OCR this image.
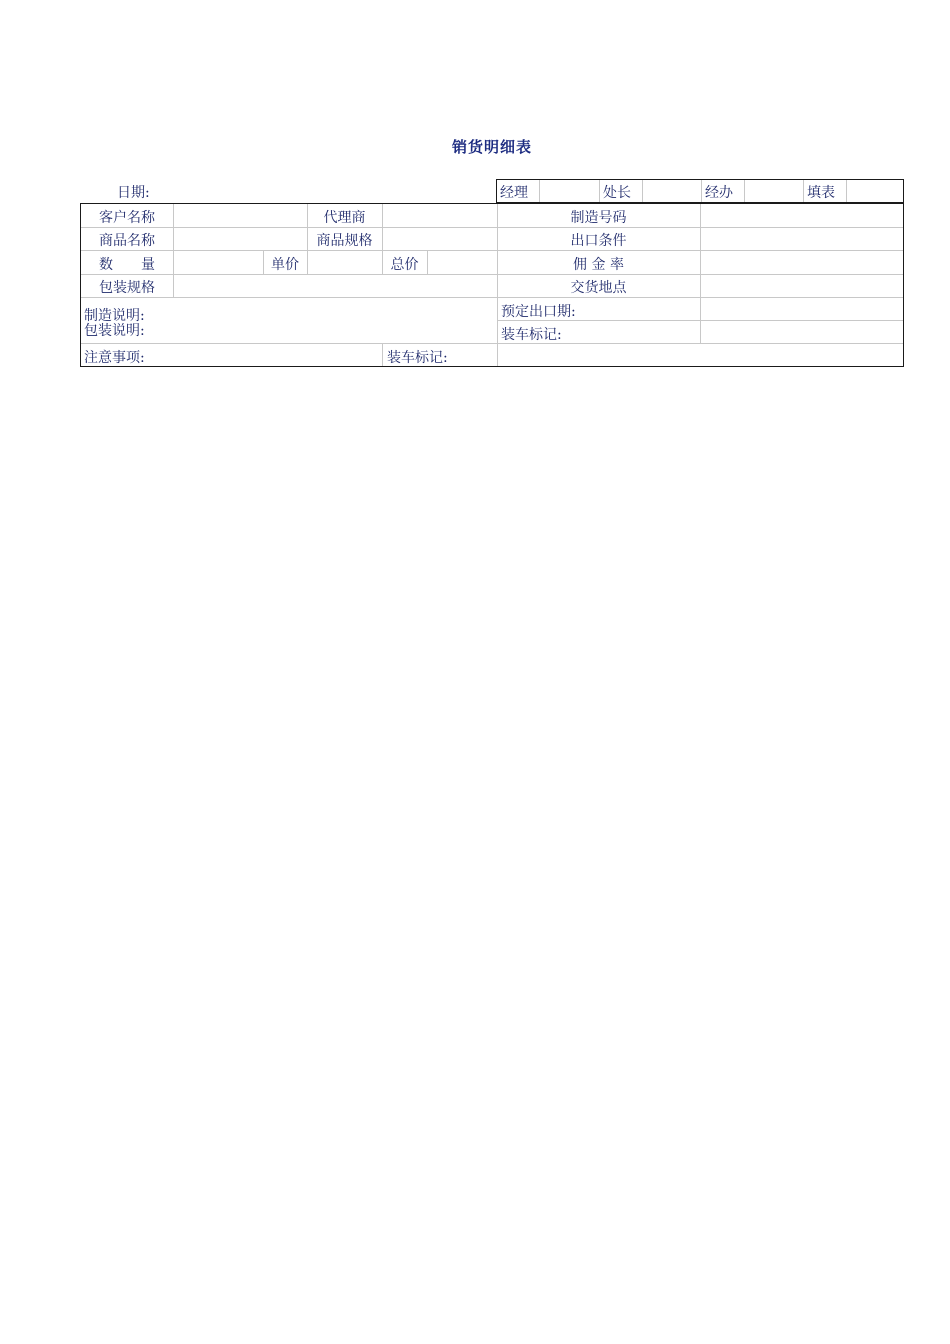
销货明细表
日期:	经理	处长	经办	填表
客户名称	代理商	制造号码
商品名称	商品规格	出口条件
数　　量	单价	总价	佣 金 率
包装规格	交货地点
制造说明:
包装说明:
预定出口期:
装车标记:
注意事项:	装车标记:
